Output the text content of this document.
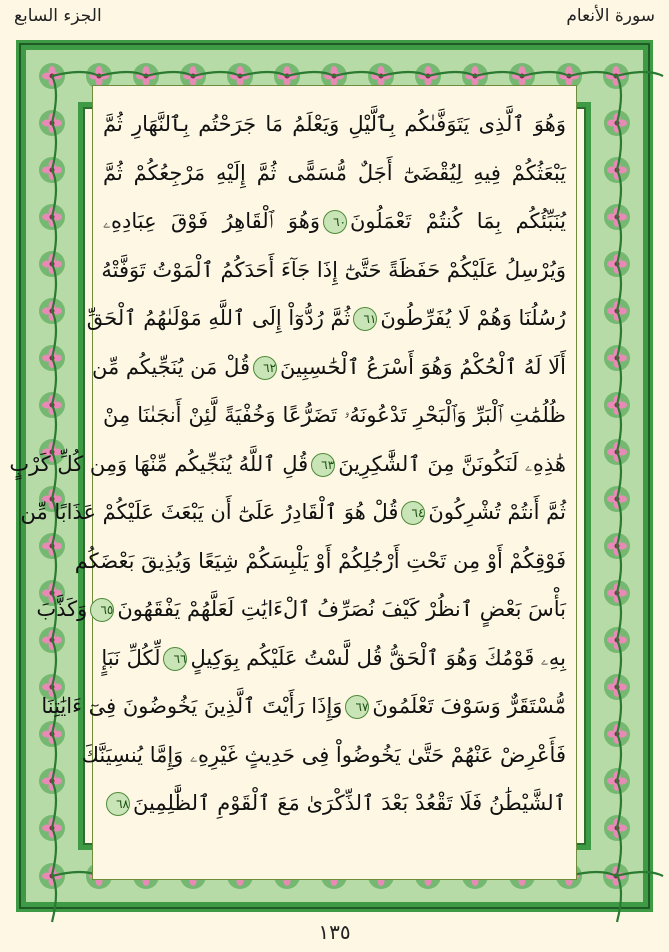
الجزء السابع	سورة الأنعام
وَهُوَ ٱلَّذِى يَتَوَفَّىٰكُم بِٱلَّيْلِ وَيَعْلَمُ مَا جَرَحْتُم بِٱلنَّهَارِ ثُمَّ
يَبْعَثُكُمْ فِيهِ لِيُقْضَىٰٓ أَجَلٌ مُّسَمًّى ثُمَّ إِلَيْهِ مَرْجِعُكُمْ ثُمَّ
يُنَبِّئُكُم بِمَا كُنتُمْ تَعْمَلُونَ٦٠وَهُوَ ٱلْقَاهِرُ فَوْقَ عِبَادِهِۦ
وَيُرْسِلُ عَلَيْكُمْ حَفَظَةً حَتَّىٰٓ إِذَا جَآءَ أَحَدَكُمُ ٱلْمَوْتُ تَوَفَّتْهُ
رُسُلُنَا وَهُمْ لَا يُفَرِّطُونَ٦١ثُمَّ رُدُّوٓاْ إِلَى ٱللَّهِ مَوْلَىٰهُمُ ٱلْحَقِّ
أَلَا لَهُ ٱلْحُكْمُ وَهُوَ أَسْرَعُ ٱلْحَٰسِبِينَ٦٢قُلْ مَن يُنَجِّيكُم مِّن
ظُلُمَٰتِ ٱلْبَرِّ وَٱلْبَحْرِ تَدْعُونَهُۥ تَضَرُّعًا وَخُفْيَةً لَّئِنْ أَنجَىٰنَا مِنْ
هَٰذِهِۦ لَنَكُونَنَّ مِنَ ٱلشَّٰكِرِينَ٦٣قُلِ ٱللَّهُ يُنَجِّيكُم مِّنْهَا وَمِن كُلِّ كَرْبٍ
ثُمَّ أَنتُمْ تُشْرِكُونَ٦٤قُلْ هُوَ ٱلْقَادِرُ عَلَىٰٓ أَن يَبْعَثَ عَلَيْكُمْ عَذَابًا مِّن
فَوْقِكُمْ أَوْ مِن تَحْتِ أَرْجُلِكُمْ أَوْ يَلْبِسَكُمْ شِيَعًا وَيُذِيقَ بَعْضَكُم
بَأْسَ بَعْضٍ ٱنظُرْ كَيْفَ نُصَرِّفُ ٱلْءَايَٰتِ لَعَلَّهُمْ يَفْقَهُونَ٦٥وَكَذَّبَ
بِهِۦ قَوْمُكَ وَهُوَ ٱلْحَقُّ قُل لَّسْتُ عَلَيْكُم بِوَكِيلٍ٦٦لِّكُلِّ نَبَإٍ
مُّسْتَقَرٌّ وَسَوْفَ تَعْلَمُونَ٦٧وَإِذَا رَأَيْتَ ٱلَّذِينَ يَخُوضُونَ فِىٓ ءَايَٰتِنَا
فَأَعْرِضْ عَنْهُمْ حَتَّىٰ يَخُوضُواْ فِى حَدِيثٍ غَيْرِهِۦ وَإِمَّا يُنسِيَنَّكَ
ٱلشَّيْطَٰنُ فَلَا تَقْعُدْ بَعْدَ ٱلذِّكْرَىٰ مَعَ ٱلْقَوْمِ ٱلظَّٰلِمِينَ٦٨
١٣٥
